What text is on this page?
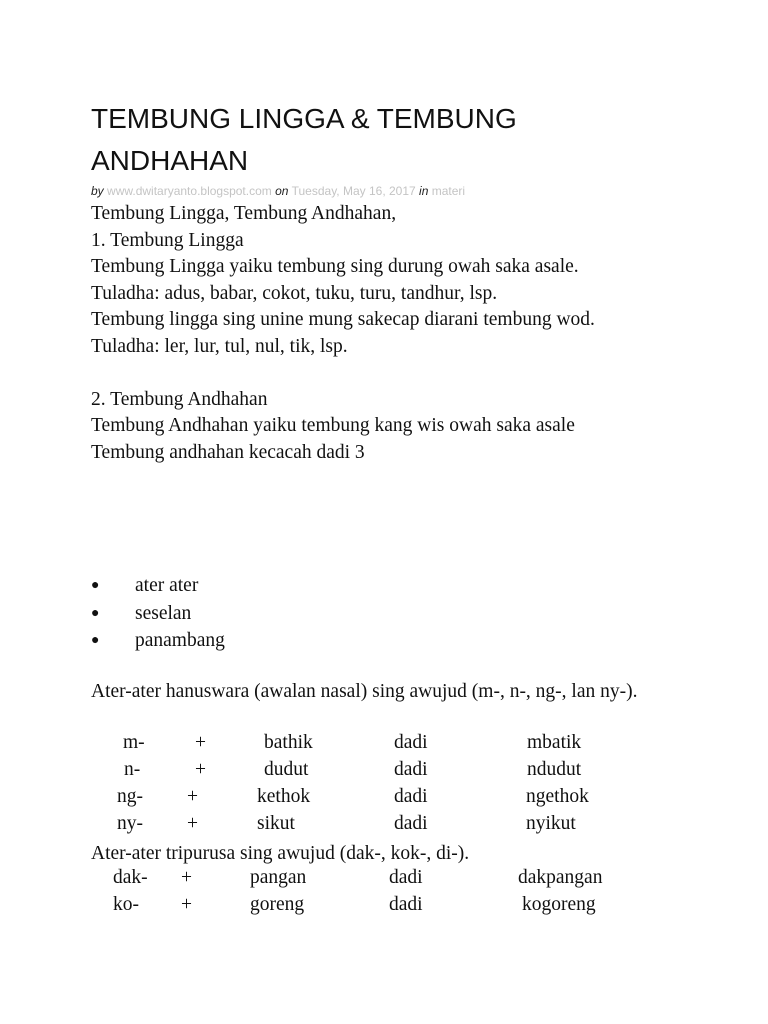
TEMBUNG LINGGA & TEMBUNG ANDHAHAN
by www.dwitaryanto.blogspot.com on Tuesday, May 16, 2017 in materi
Tembung Lingga, Tembung Andhahan,
1. Tembung Lingga
Tembung Lingga yaiku tembung sing durung owah saka asale.
Tuladha: adus, babar, cokot, tuku, turu, tandhur, lsp.
Tembung lingga sing unine mung sakecap diarani tembung wod.
Tuladha: ler, lur, tul, nul, tik, lsp.
2. Tembung Andhahan
Tembung Andhahan yaiku tembung kang wis owah saka asale
Tembung andhahan kecacah dadi 3
● ater ater
● seselan
● panambang
Ater-ater hanuswara (awalan nasal) sing awujud (m-, n-, ng-, lan ny-).
m-	+	bathik	dadi	mbatik
n-	+	dudut	dadi	ndudut
ng- +	kethok	dadi	ngethok
ny- +	sikut	dadi	nyikut
Ater-ater tripurusa sing awujud (dak-, kok-, di-).
dak- +	pangan	dadi	dakpangan
ko- +	goreng	dadi	kogoreng
